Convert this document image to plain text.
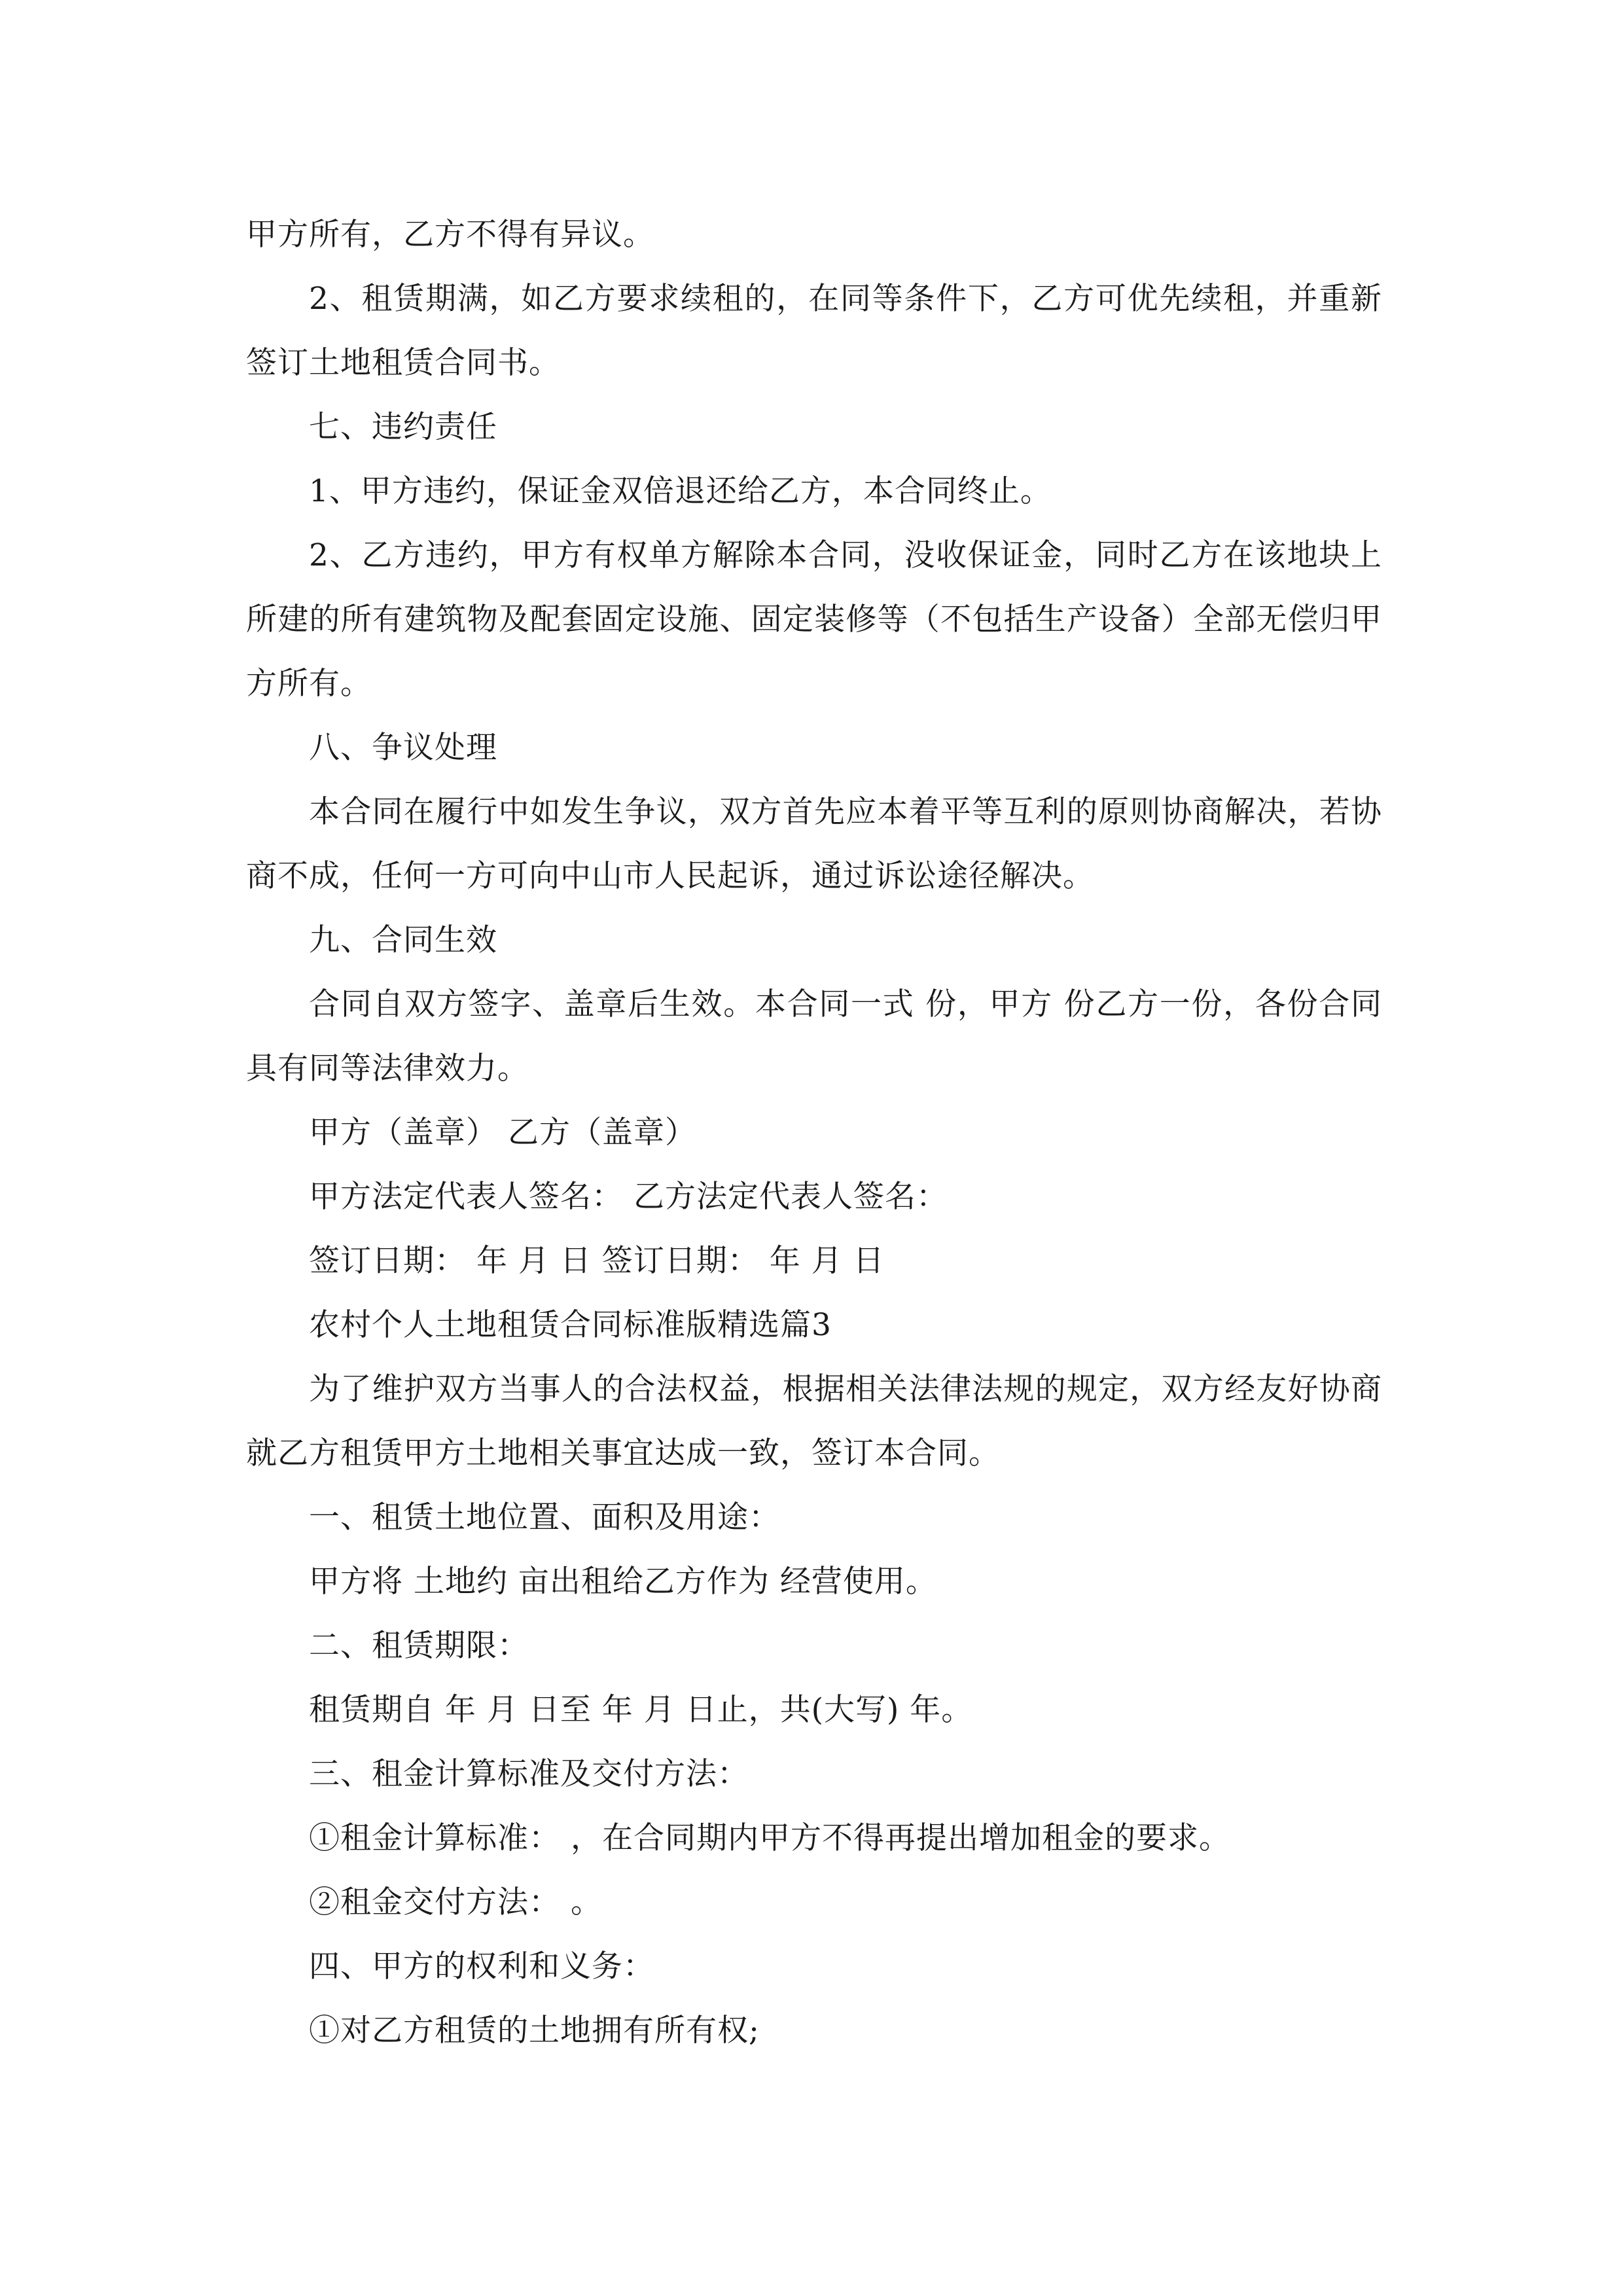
甲方所有，乙方不得有异议。

2、租赁期满，如乙方要求续租的，在同等条件下，乙方可优先续租，并重新签订土地租赁合同书。

七、违约责任

1、甲方违约，保证金双倍退还给乙方，本合同终止。

2、乙方违约，甲方有权单方解除本合同，没收保证金，同时乙方在该地块上所建的所有建筑物及配套固定设施、固定装修等（不包括生产设备）全部无偿归甲方所有。

八、争议处理

本合同在履行中如发生争议，双方首先应本着平等互利的原则协商解决，若协商不成，任何一方可向中山市人民起诉，通过诉讼途径解决。

九、合同生效

合同自双方签字、盖章后生效。本合同一式 份，甲方 份乙方一份，各份合同具有同等法律效力。

甲方（盖章） 乙方（盖章）

甲方法定代表人签名： 乙方法定代表人签名：

签订日期： 年 月 日 签订日期： 年 月 日

农村个人土地租赁合同标准版精选篇3

为了维护双方当事人的合法权益，根据相关法律法规的规定，双方经友好协商就乙方租赁甲方土地相关事宜达成一致，签订本合同。

一、租赁土地位置、面积及用途：

甲方将 土地约 亩出租给乙方作为 经营使用。

二、租赁期限：

租赁期自 年 月 日至 年 月 日止，共(大写) 年。

三、租金计算标准及交付方法：

①租金计算标准： ，在合同期内甲方不得再提出增加租金的要求。

②租金交付方法： 。

四、甲方的权利和义务：

①对乙方租赁的土地拥有所有权;
